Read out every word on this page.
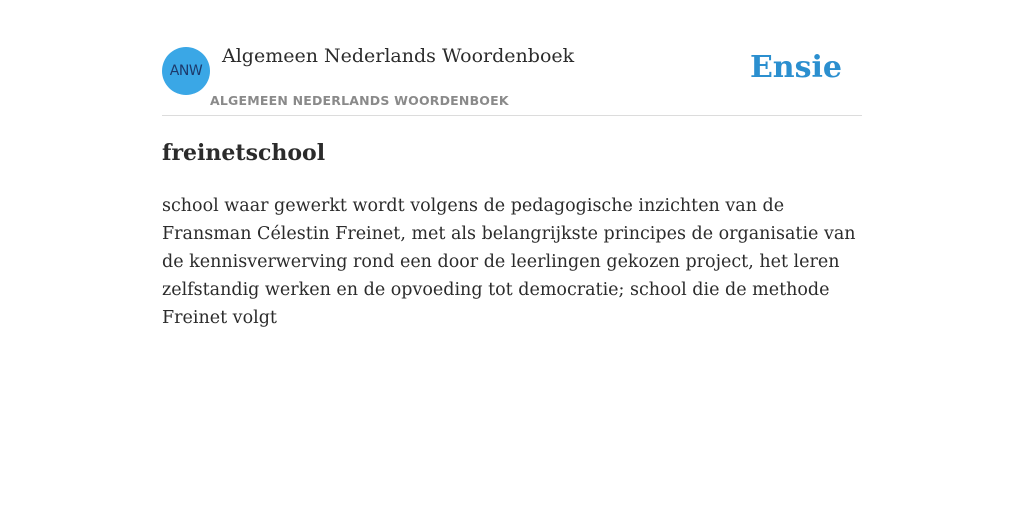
ANW
Algemeen Nederlands Woordenboek
ALGEMEEN NEDERLANDS WOORDENBOEK
Ensie
freinetschool

school waar gewerkt wordt volgens de pedagogische inzichten van de Fransman Célestin Freinet, met als belangrijkste principes de organisatie van de kennisverwerving rond een door de leerlingen gekozen project, het leren zelfstandig werken en de opvoeding tot democratie; school die de methode Freinet volgt
